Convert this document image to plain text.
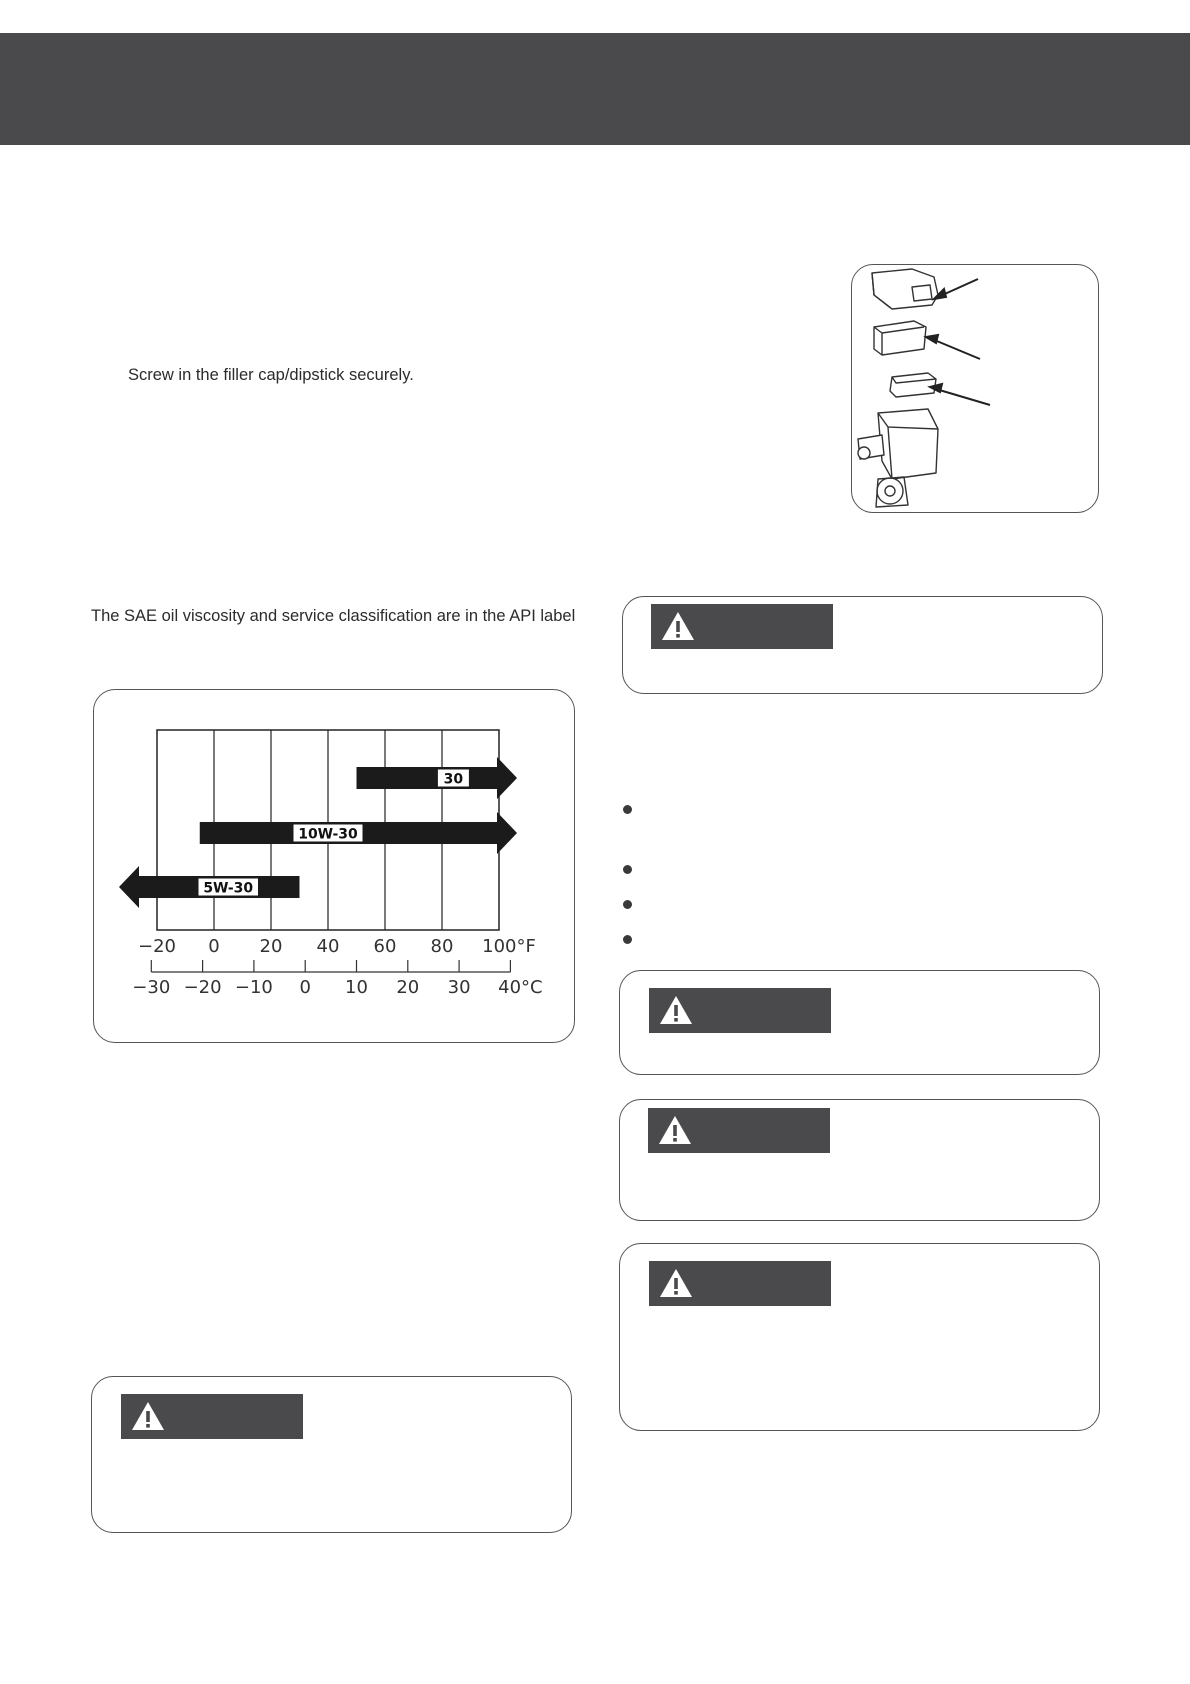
Screw in the filler cap/dipstick securely.
The SAE oil viscosity and service classification are in the API label
30
10W-30
5W-30
−20 0 20 40 60 80 100°F
−30 −20 −10 0 10 20 30 40°C
